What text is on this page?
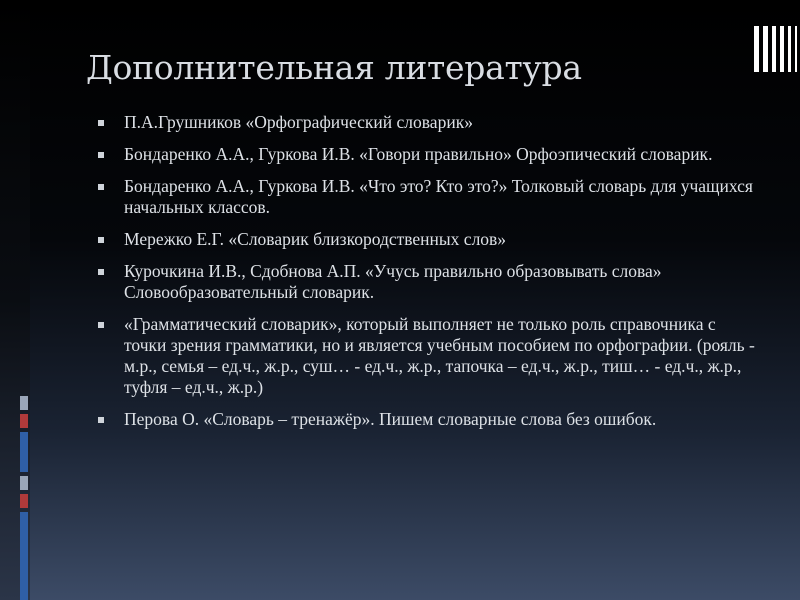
Дополнительная литература
П.А.Грушников «Орфографический словарик»
Бондаренко А.А., Гуркова И.В. «Говори правильно» Орфоэпический словарик.
Бондаренко А.А., Гуркова И.В. «Что это? Кто это?» Толковый словарь для учащихся начальных классов.
Мережко Е.Г. «Словарик близкородственных слов»
Курочкина И.В., Сдобнова А.П. «Учусь правильно образовывать слова» Словообразовательный словарик.
«Грамматический словарик», который выполняет не только роль справочника с точки зрения грамматики, но и является учебным пособием по орфографии. (рояль - м.р., семья – ед.ч., ж.р., суш… - ед.ч., ж.р., тапочка – ед.ч., ж.р., тиш… - ед.ч., ж.р., туфля – ед.ч., ж.р.)
Перова О. «Словарь – тренажёр». Пишем словарные слова без ошибок.
